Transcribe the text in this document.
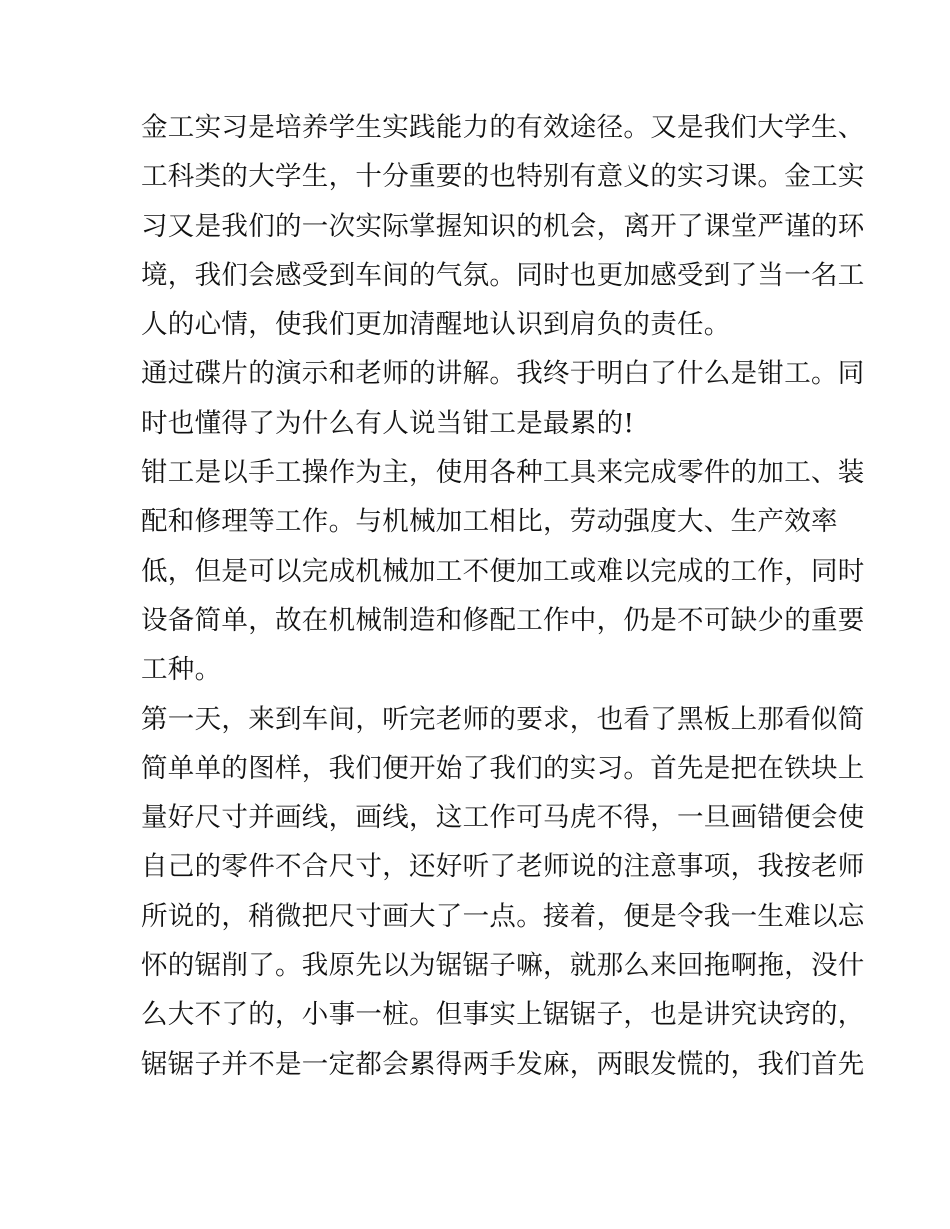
金工实习是培养学生实践能力的有效途径。又是我们大学生、
工科类的大学生，十分重要的也特别有意义的实习课。金工实
习又是我们的一次实际掌握知识的机会，离开了课堂严谨的环
境，我们会感受到车间的气氛。同时也更加感受到了当一名工
人的心情，使我们更加清醒地认识到肩负的责任。
通过碟片的演示和老师的讲解。我终于明白了什么是钳工。同
时也懂得了为什么有人说当钳工是最累的!
钳工是以手工操作为主，使用各种工具来完成零件的加工、装
配和修理等工作。与机械加工相比，劳动强度大、生产效率
低，但是可以完成机械加工不便加工或难以完成的工作，同时
设备简单，故在机械制造和修配工作中，仍是不可缺少的重要
工种。
第一天，来到车间，听完老师的要求，也看了黑板上那看似简
简单单的图样，我们便开始了我们的实习。首先是把在铁块上
量好尺寸并画线，画线，这工作可马虎不得，一旦画错便会使
自己的零件不合尺寸，还好听了老师说的注意事项，我按老师
所说的，稍微把尺寸画大了一点。接着，便是令我一生难以忘
怀的锯削了。我原先以为锯锯子嘛，就那么来回拖啊拖，没什
么大不了的，小事一桩。但事实上锯锯子，也是讲究诀窍的，
锯锯子并不是一定都会累得两手发麻，两眼发慌的，我们首先
